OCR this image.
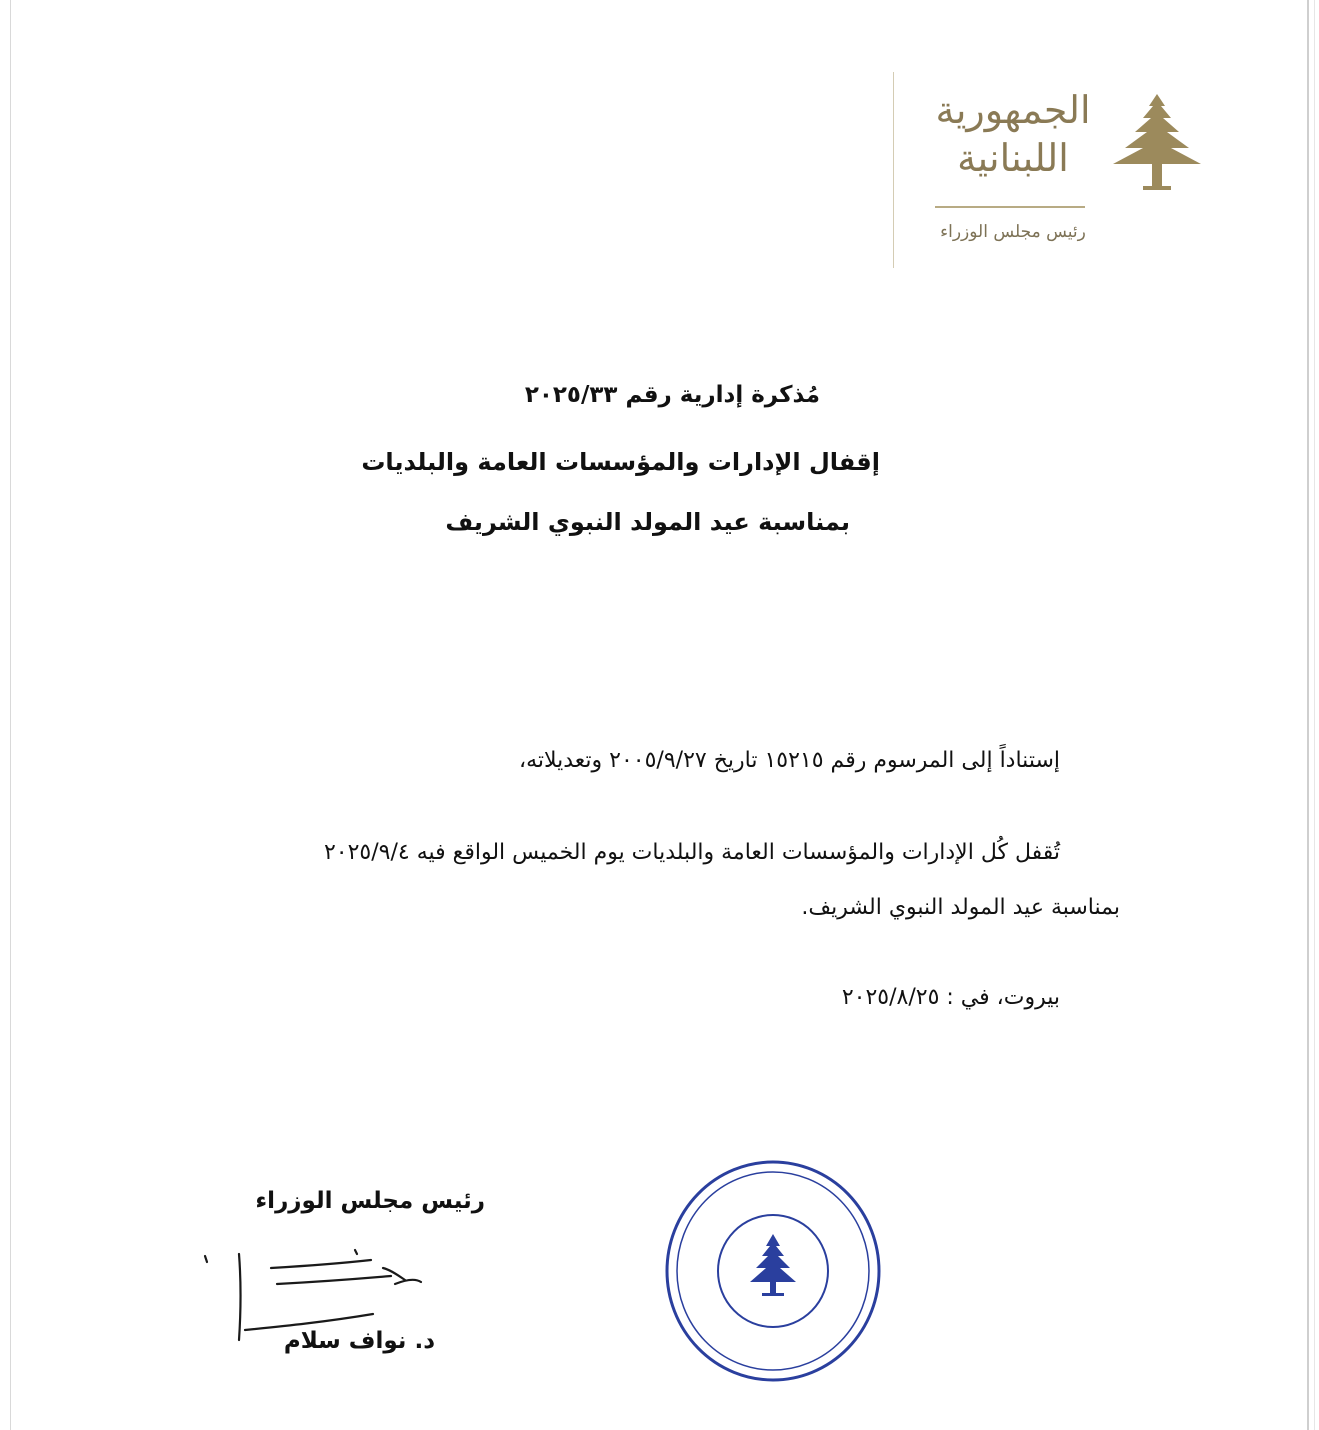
الجمهورية اللبنانية
رئيس مجلس الوزراء
مُذكرة إدارية رقم ٢٠٢٥/٣٣
إقفال الإدارات والمؤسسات العامة والبلديات
بمناسبة عيد المولد النبوي الشريف
إستناداً إلى المرسوم رقم ١٥٢١٥ تاريخ ٢٠٠٥/٩/٢٧ وتعديلاته،
تُقفل كُل الإدارات والمؤسسات العامة والبلديات يوم الخميس الواقع فيه ٢٠٢٥/٩/٤
بمناسبة عيد المولد النبوي الشريف.
بيروت، في : ٢٠٢٥/٨/٢٥
رئيس مجلس الوزراء
د. نواف سلام
